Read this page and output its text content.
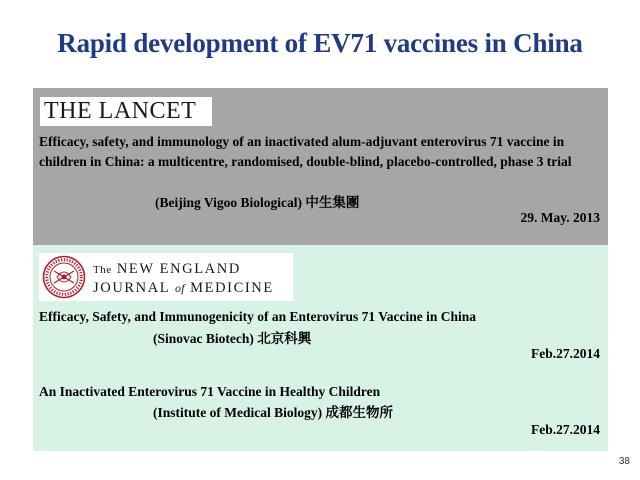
Rapid development of EV71 vaccines in China
THE LANCET
Efficacy, safety, and immunology of an inactivated alum-adjuvant enterovirus 71 vaccine in children in China: a multicentre, randomised, double-blind, placebo-controlled, phase 3 trial
(Beijing Vigoo Biological) 中生集團
29. May. 2013
The NEW ENGLAND
JOURNAL of MEDICINE
Efficacy, Safety, and Immunogenicity of an Enterovirus 71 Vaccine in China
(Sinovac Biotech) 北京科興
Feb.27.2014
An Inactivated Enterovirus 71 Vaccine in Healthy Children
(Institute of Medical Biology) 成都生物所
Feb.27.2014
38
